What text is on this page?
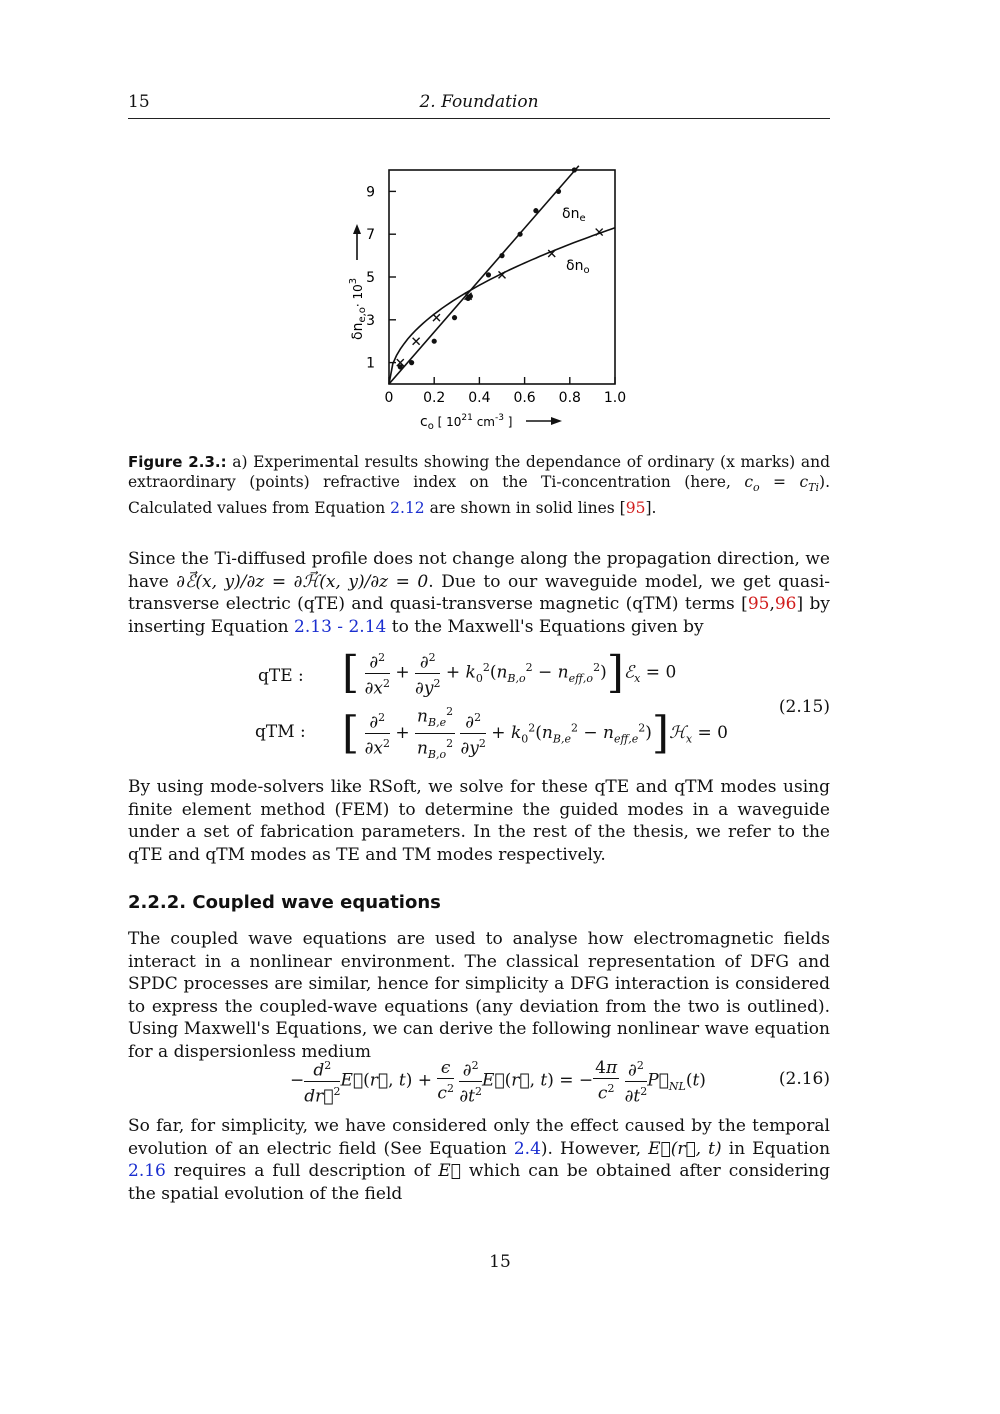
15	2. Foundation
1
3
5
7
9
0 0.2 0.4 0.6 0.8 1.0
$\delta n_e$
$\delta n_o$
$\delta n_{e,o}\cdot 10^3$
$c_o$ [ $10^{21}$ $cm^{-3}$ ]
Figure 2.3.: a) Experimental results showing the dependance of ordinary (x marks) and extraordinary (points) refractive index on the Ti-concentration (here, $c_o = c_{Ti}$). Calculated values from Equation 2.12 are shown in solid lines [95].
Since the Ti-diffused profile does not change along the propagation direction, we have ∂ℰ⃗(x, y)/∂z = ∂ℋ⃗(x, y)/∂z = 0. Due to our waveguide model, we get quasi-transverse electric (qTE) and quasi-transverse magnetic (qTM) terms [95,96] by inserting Equation 2.13 - 2.14 to the Maxwell's Equations given by
qTE : [ $\frac{\partial^2}{\partial x^2} + \frac{\partial^2}{\partial y^2} + k_0^2(n_{B,o}^2$ − $n_{eff,o}^2)]ℰ_x = 0$
qTM : [ $\frac{\partial^2}{\partial x^2} + \frac{n_{B,e}^2}{n_{B,o}^2}$
$\frac{\partial^2}{\partial y^2} + k_0^2(n_{B,e}^2$ − $n_{eff,e}^2)]ℋ_x = 0$
(2.15)
By using mode-solvers like RSoft, we solve for these qTE and qTM modes using finite element method (FEM) to determine the guided modes in a waveguide under a set of fabrication parameters. In the rest of the thesis, we refer to the qTE and qTM modes as TE and TM modes respectively.
2.2.2. Coupled wave equations
The coupled wave equations are used to analyse how electromagnetic fields interact in a nonlinear environment. The classical representation of DFG and SPDC processes are similar, hence for simplicity a DFG interaction is considered to express the coupled-wave equations (any deviation from the two is outlined). Using Maxwell's Equations, we can derive the following nonlinear wave equation for a dispersionless medium
− $\frac{d^2}{dr⃗^2}$ E⃗(r⃗, $t) + \frac{\epsilon}{c^2}$
$\frac{\partial^2}{\partial t^2}$ E⃗(r⃗, t) = − $\frac{4\pi}{c^2}$
$\frac{\partial^2}{\partial t^2}$ $P⃗_{NL}(t)$	(2.16)
So far, for simplicity, we have considered only the effect caused by the temporal evolution of an electric field (See Equation 2.4). However, E⃗(r⃗, t) in Equation 2.16 requires a full description of E⃗ which can be obtained after considering the spatial evolution of the field
15
